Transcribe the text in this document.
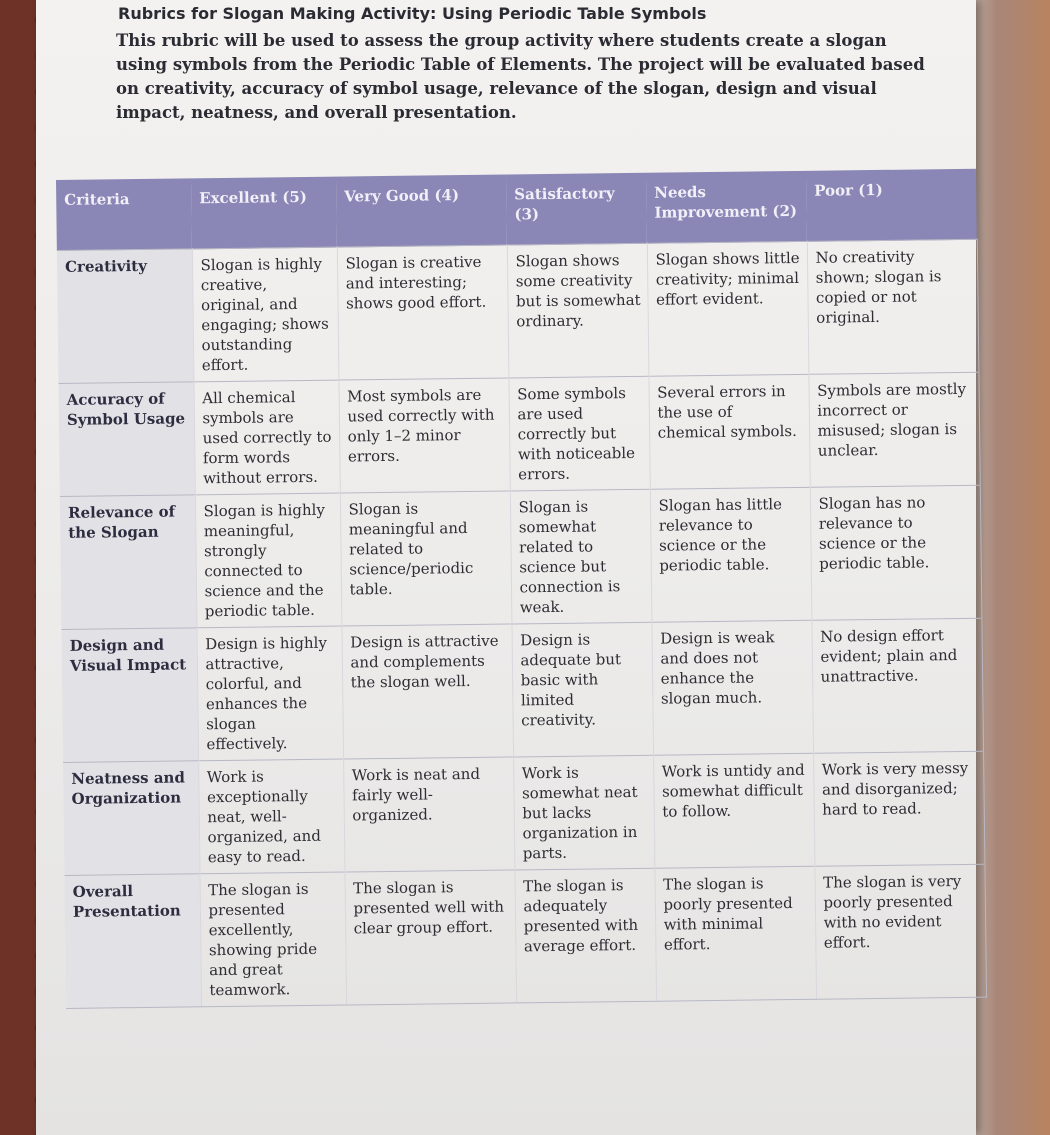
Rubrics for Slogan Making Activity: Using Periodic Table Symbols

This rubric will be used to assess the group activity where students create a slogan using symbols from the Periodic Table of Elements. The project will be evaluated based on creativity, accuracy of symbol usage, relevance of the slogan, design and visual impact, neatness, and overall presentation.

Criteria	Excellent (5)	Very Good (4)	Satisfactory (3)	Needs Improvement (2)	Poor (1)
Creativity	Slogan is highly creative, original, and engaging; shows outstanding effort.	Slogan is creative and interesting; shows good effort.	Slogan shows some creativity but is somewhat ordinary.	Slogan shows little creativity; minimal effort evident.	No creativity shown; slogan is copied or not original.
Accuracy of Symbol Usage	All chemical symbols are used correctly to form words without errors.	Most symbols are used correctly with only 1–2 minor errors.	Some symbols are used correctly but with noticeable errors.	Several errors in the use of chemical symbols.	Symbols are mostly incorrect or misused; slogan is unclear.
Relevance of the Slogan	Slogan is highly meaningful, strongly connected to science and the periodic table.	Slogan is meaningful and related to science/periodic table.	Slogan is somewhat related to science but connection is weak.	Slogan has little relevance to science or the periodic table.	Slogan has no relevance to science or the periodic table.
Design and Visual Impact	Design is highly attractive, colorful, and enhances the slogan effectively.	Design is attractive and complements the slogan well.	Design is adequate but basic with limited creativity.	Design is weak and does not enhance the slogan much.	No design effort evident; plain and unattractive.
Neatness and Organization	Work is exceptionally neat, well-organized, and easy to read.	Work is neat and fairly well-organized.	Work is somewhat neat but lacks organization in parts.	Work is untidy and somewhat difficult to follow.	Work is very messy and disorganized; hard to read.
Overall Presentation	The slogan is presented excellently, showing pride and great teamwork.	The slogan is presented well with clear group effort.	The slogan is adequately presented with average effort.	The slogan is poorly presented with minimal effort.	The slogan is very poorly presented with no evident effort.
